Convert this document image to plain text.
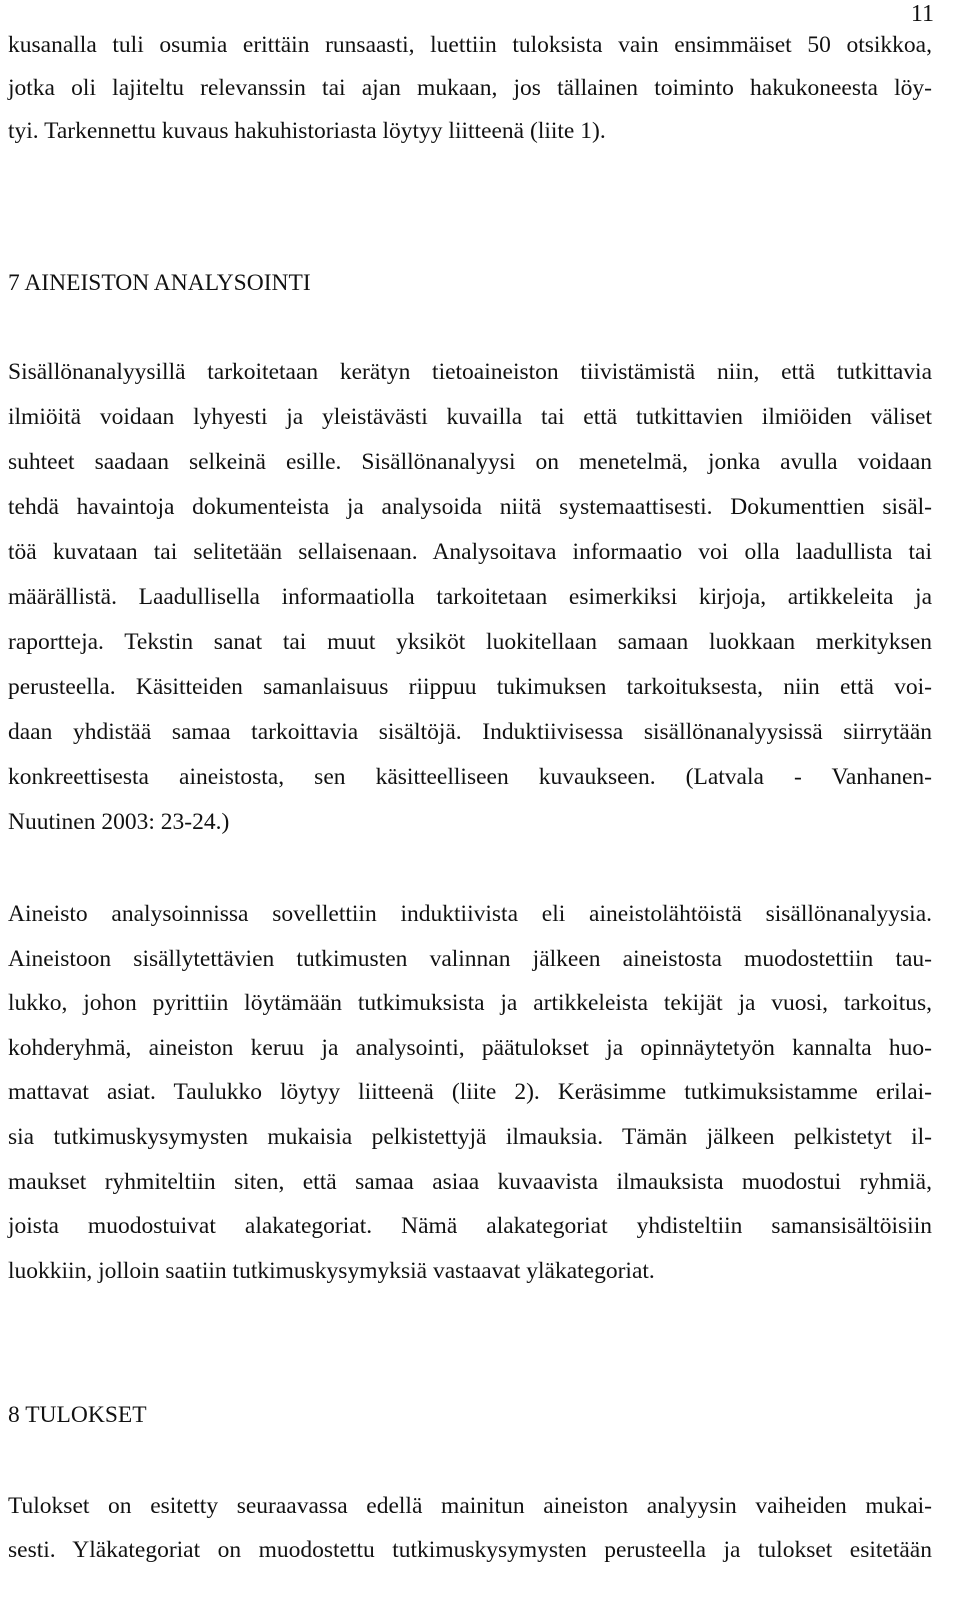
11
kusanalla tuli osumia erittäin runsaasti, luettiin tuloksista vain ensimmäiset 50 otsikkoa,
jotka oli lajiteltu relevanssin tai ajan mukaan, jos tällainen toiminto hakukoneesta löy-
tyi. Tarkennettu kuvaus hakuhistoriasta löytyy liitteenä (liite 1).
7 AINEISTON ANALYSOINTI
Sisällönanalyysillä tarkoitetaan kerätyn tietoaineiston tiivistämistä niin, että tutkittavia
ilmiöitä voidaan lyhyesti ja yleistävästi kuvailla tai että tutkittavien ilmiöiden väliset
suhteet saadaan selkeinä esille. Sisällönanalyysi on menetelmä, jonka avulla voidaan
tehdä havaintoja dokumenteista ja analysoida niitä systemaattisesti. Dokumenttien sisäl-
töä kuvataan tai selitetään sellaisenaan. Analysoitava informaatio voi olla laadullista tai
määrällistä. Laadullisella informaatiolla tarkoitetaan esimerkiksi kirjoja, artikkeleita ja
raportteja. Tekstin sanat tai muut yksiköt luokitellaan samaan luokkaan merkityksen
perusteella. Käsitteiden samanlaisuus riippuu tukimuksen tarkoituksesta, niin että voi-
daan yhdistää samaa tarkoittavia sisältöjä. Induktiivisessa sisällönanalyysissä siirrytään
konkreettisesta aineistosta, sen käsitteelliseen kuvaukseen. (Latvala - Vanhanen-
Nuutinen 2003: 23-24.)
Aineisto analysoinnissa sovellettiin induktiivista eli aineistolähtöistä sisällönanalyysia.
Aineistoon sisällytettävien tutkimusten valinnan jälkeen aineistosta muodostettiin tau-
lukko, johon pyrittiin löytämään tutkimuksista ja artikkeleista tekijät ja vuosi, tarkoitus,
kohderyhmä, aineiston keruu ja analysointi, päätulokset ja opinnäytetyön kannalta huo-
mattavat asiat. Taulukko löytyy liitteenä (liite 2). Keräsimme tutkimuksistamme erilai-
sia tutkimuskysymysten mukaisia pelkistettyjä ilmauksia. Tämän jälkeen pelkistetyt il-
maukset ryhmiteltiin siten, että samaa asiaa kuvaavista ilmauksista muodostui ryhmiä,
joista muodostuivat alakategoriat. Nämä alakategoriat yhdisteltiin samansisältöisiin
luokkiin, jolloin saatiin tutkimuskysymyksiä vastaavat yläkategoriat.
8 TULOKSET
Tulokset on esitetty seuraavassa edellä mainitun aineiston analyysin vaiheiden mukai-
sesti. Yläkategoriat on muodostettu tutkimuskysymysten perusteella ja tulokset esitetään
